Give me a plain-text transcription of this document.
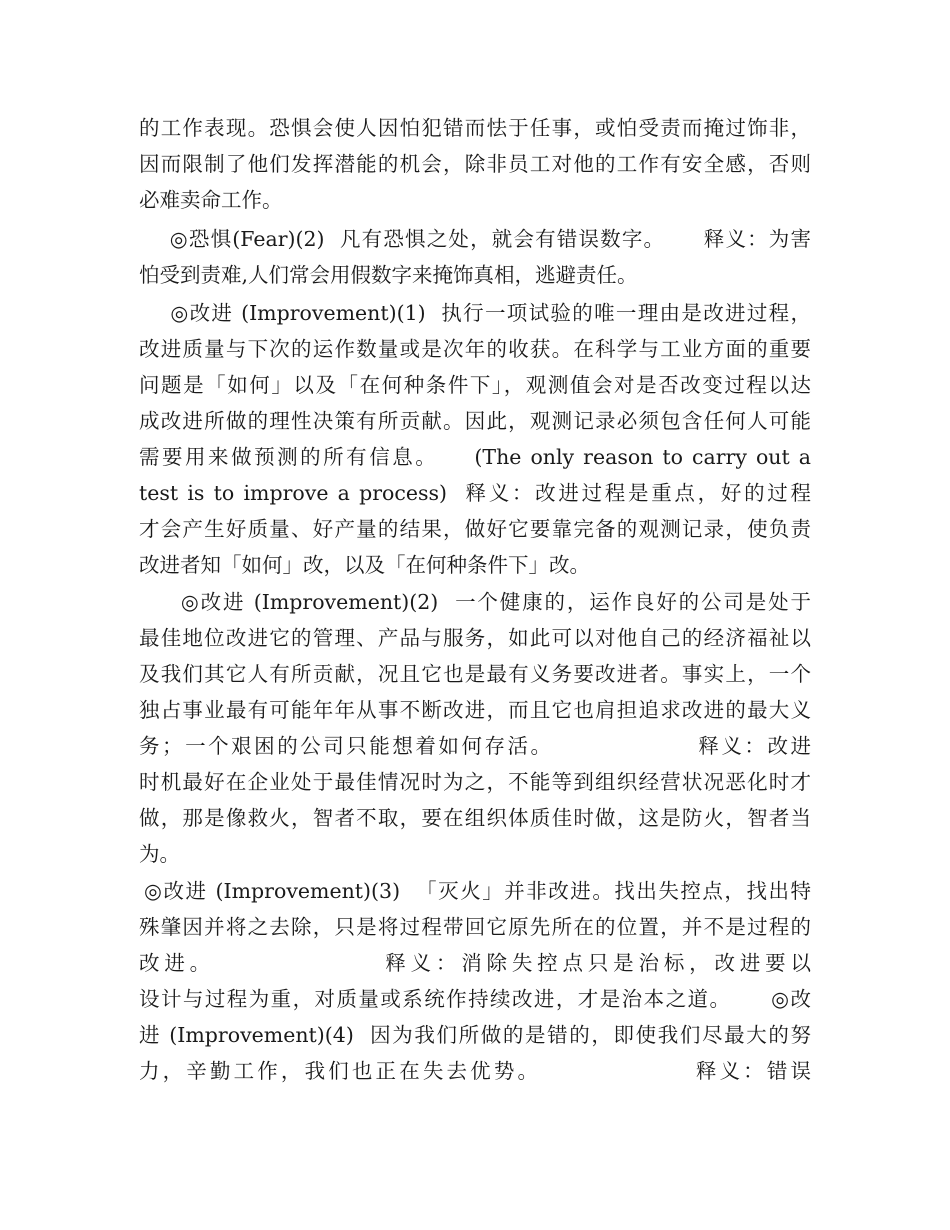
的工作表现。恐惧会使人因怕犯错而怯于任事，或怕受责而掩过饰非，
因而限制了他们发挥潜能的机会，除非员工对他的工作有安全感，否则
必难卖命工作。
◎恐惧(Fear)(2)  凡有恐惧之处，就会有错误数字。     释义：为害
怕受到责难,人们常会用假数字来掩饰真相，逃避责任。
◎改进 (Improvement)(1)  执行一项试验的唯一理由是改进过程，
改进质量与下次的运作数量或是次年的收获。在科学与工业方面的重要
问题是「如何」以及「在何种条件下」，观测值会对是否改变过程以达
成改进所做的理性决策有所贡献。因此，观测记录必须包含任何人可能
需要用来做预测的所有信息。    (The only reason to carry out a
test is to improve a process)  释义：改进过程是重点，好的过程
才会产生好质量、好产量的结果，做好它要靠完备的观测记录，使负责
改进者知「如何」改，以及「在何种条件下」改。
◎改进 (Improvement)(2)  一个健康的，运作良好的公司是处于
最佳地位改进它的管理、产品与服务，如此可以对他自己的经济福祉以
及我们其它人有所贡献，况且它也是最有义务要改进者。事实上，一个
独占事业最有可能年年从事不断改进，而且它也肩担追求改进的最大义
务；一个艰困的公司只能想着如何存活。                释义：改进
时机最好在企业处于最佳情况时为之，不能等到组织经营状况恶化时才
做，那是像救火，智者不取，要在组织体质佳时做，这是防火，智者当
为。
◎改进 (Improvement)(3)  「灭火」并非改进。找出失控点，找出特
殊肇因并将之去除，只是将过程带回它原先所在的位置，并不是过程的
改进。               释义：消除失控点只是治标，改进要以
设计与过程为重，对质量或系统作持续改进，才是治本之道。     ◎改
进 (Improvement)(4)  因为我们所做的是错的，即使我们尽最大的努
力，辛勤工作，我们也正在失去优势。                释义：错误
